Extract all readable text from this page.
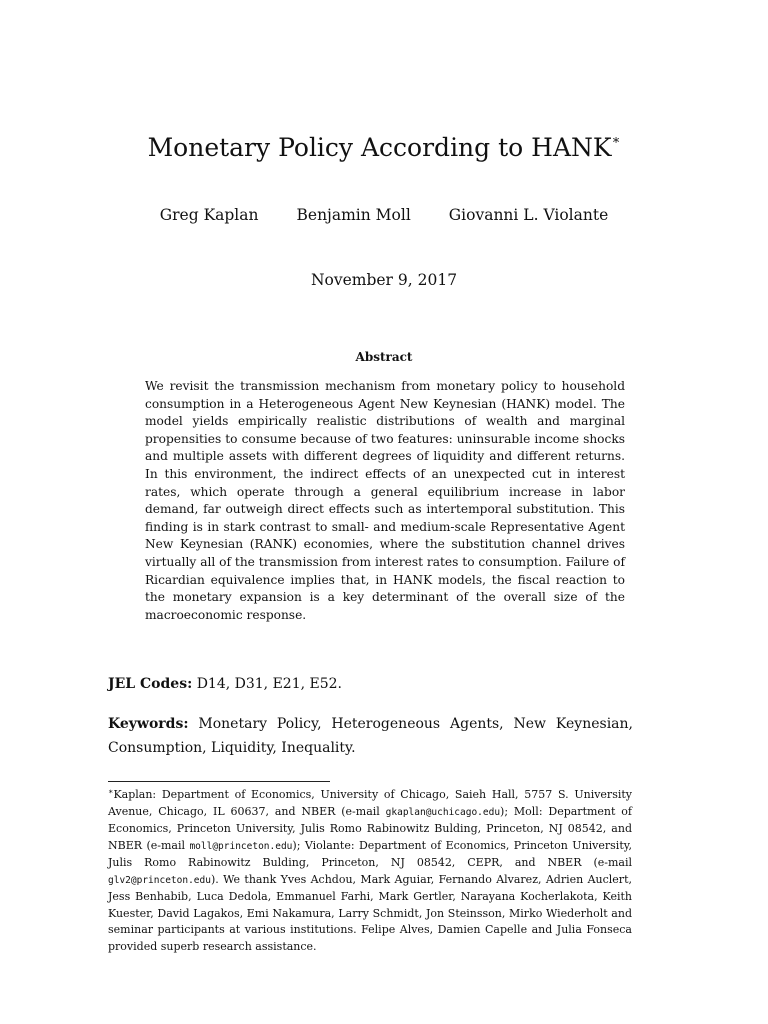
Monetary Policy According to HANK∗
Greg Kaplan Benjamin Moll Giovanni L. Violante
November 9, 2017
Abstract

We revisit the transmission mechanism from monetary policy to household consumption in a Heterogeneous Agent New Keynesian (HANK) model. The model yields empirically realistic distributions of wealth and marginal propensities to consume because of two features: uninsurable income shocks and multiple assets with different degrees of liquidity and different returns. In this environment, the indirect effects of an unexpected cut in interest rates, which operate through a general equilibrium increase in labor demand, far outweigh direct effects such as intertemporal substitution. This finding is in stark contrast to small- and medium-scale Representative Agent New Keynesian (RANK) economies, where the substitution channel drives virtually all of the transmission from interest rates to consumption. Failure of Ricardian equivalence implies that, in HANK models, the fiscal reaction to the monetary expansion is a key determinant of the overall size of the macroeconomic response.

JEL Codes: D14, D31, E21, E52.
Keywords: Monetary Policy, Heterogeneous Agents, New Keynesian, Consumption, Liquidity, Inequality.

∗Kaplan: Department of Economics, University of Chicago, Saieh Hall, 5757 S. University Avenue, Chicago, IL 60637, and NBER (e-mail gkaplan@uchicago.edu); Moll: Department of Economics, Princeton University, Julis Romo Rabinowitz Bulding, Princeton, NJ 08542, and NBER (e-mail moll@princeton.edu); Violante: Department of Economics, Princeton University, Julis Romo Rabinowitz Bulding, Princeton, NJ 08542, CEPR, and NBER (e-mail glv2@princeton.edu). We thank Yves Achdou, Mark Aguiar, Fernando Alvarez, Adrien Auclert, Jess Benhabib, Luca Dedola, Emmanuel Farhi, Mark Gertler, Narayana Kocherlakota, Keith Kuester, David Lagakos, Emi Nakamura, Larry Schmidt, Jon Steinsson, Mirko Wiederholt and seminar participants at various institutions. Felipe Alves, Damien Capelle and Julia Fonseca provided superb research assistance.
